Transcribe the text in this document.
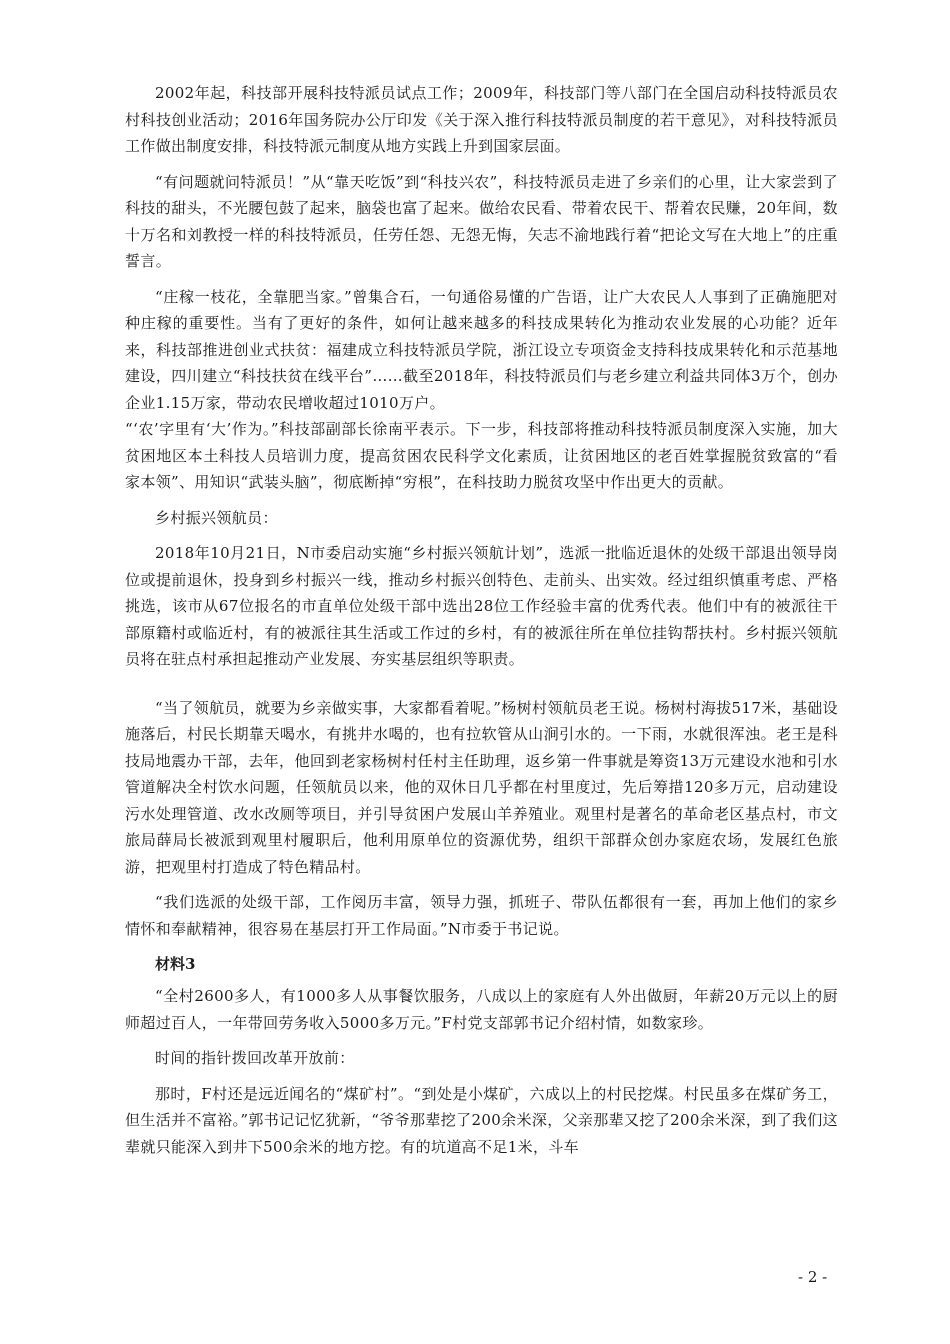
2002年起，科技部开展科技特派员试点工作；2009年，科技部门等八部门在全国启动科技特派员农村科技创业活动；2016年国务院办公厅印发《关于深入推行科技特派员制度的若干意见》，对科技特派员工作做出制度安排，科技特派元制度从地方实践上升到国家层面。

“有问题就问特派员！”从“靠天吃饭”到“科技兴农”，科技特派员走进了乡亲们的心里，让大家尝到了科技的甜头，不光腰包鼓了起来，脑袋也富了起来。做给农民看、带着农民干、帮着农民赚，20年间，数十万名和刘教授一样的科技特派员，任劳任怨、无怨无悔，矢志不渝地践行着“把论文写在大地上”的庄重誓言。

“庄稼一枝花，全靠肥当家。”曾集合石，一句通俗易懂的广告语，让广大农民人人事到了正确施肥对种庄稼的重要性。当有了更好的条件，如何让越来越多的科技成果转化为推动农业发展的心功能？近年来，科技部推进创业式扶贫：福建成立科技特派员学院，浙江设立专项资金支持科技成果转化和示范基地建设，四川建立“科技扶贫在线平台”……截至2018年，科技特派员们与老乡建立利益共同体3万个，创办企业1.15万家，带动农民增收超过1010万户。

“‘农’字里有‘大’作为。”科技部副部长徐南平表示。下一步，科技部将推动科技特派员制度深入实施，加大贫困地区本土科技人员培训力度，提高贫困农民科学文化素质，让贫困地区的老百姓掌握脱贫致富的“看家本领”、用知识“武装头脑”，彻底断掉“穷根”，在科技助力脱贫攻坚中作出更大的贡献。

乡村振兴领航员：

2018年10月21日，N市委启动实施“乡村振兴领航计划”，选派一批临近退休的处级干部退出领导岗位或提前退休，投身到乡村振兴一线，推动乡村振兴创特色、走前头、出实效。经过组织慎重考虑、严格挑选，该市从67位报名的市直单位处级干部中选出28位工作经验丰富的优秀代表。他们中有的被派往干部原籍村或临近村，有的被派往其生活或工作过的乡村，有的被派往所在单位挂钩帮扶村。乡村振兴领航员将在驻点村承担起推动产业发展、夯实基层组织等职责。

“当了领航员，就要为乡亲做实事，大家都看着呢。”杨树村领航员老王说。杨树村海拔517米，基础设施落后，村民长期靠天喝水，有挑井水喝的，也有拉软管从山涧引水的。一下雨，水就很浑浊。老王是科技局地震办干部，去年，他回到老家杨树村任村主任助理，返乡第一件事就是筹资13万元建设水池和引水管道解决全村饮水问题，任领航员以来，他的双休日几乎都在村里度过，先后筹措120多万元，启动建设污水处理管道、改水改厕等项目，并引导贫困户发展山羊养殖业。观里村是著名的革命老区基点村，市文旅局薛局长被派到观里村履职后，他利用原单位的资源优势，组织干部群众创办家庭农场，发展红色旅游，把观里村打造成了特色精品村。

“我们选派的处级干部，工作阅历丰富，领导力强，抓班子、带队伍都很有一套，再加上他们的家乡情怀和奉献精神，很容易在基层打开工作局面。”N市委于书记说。

材料3

“全村2600多人，有1000多人从事餐饮服务，八成以上的家庭有人外出做厨，年薪20万元以上的厨师超过百人，一年带回劳务收入5000多万元。”F村党支部郭书记介绍村情，如数家珍。

时间的指针拨回改革开放前：

那时，F村还是远近闻名的“煤矿村”。“到处是小煤矿，六成以上的村民挖煤。村民虽多在煤矿务工，但生活并不富裕。”郭书记记忆犹新，“爷爷那辈挖了200余米深，父亲那辈又挖了200余米深，到了我们这辈就只能深入到井下500余米的地方挖。有的坑道高不足1米，斗车

- 2 -
